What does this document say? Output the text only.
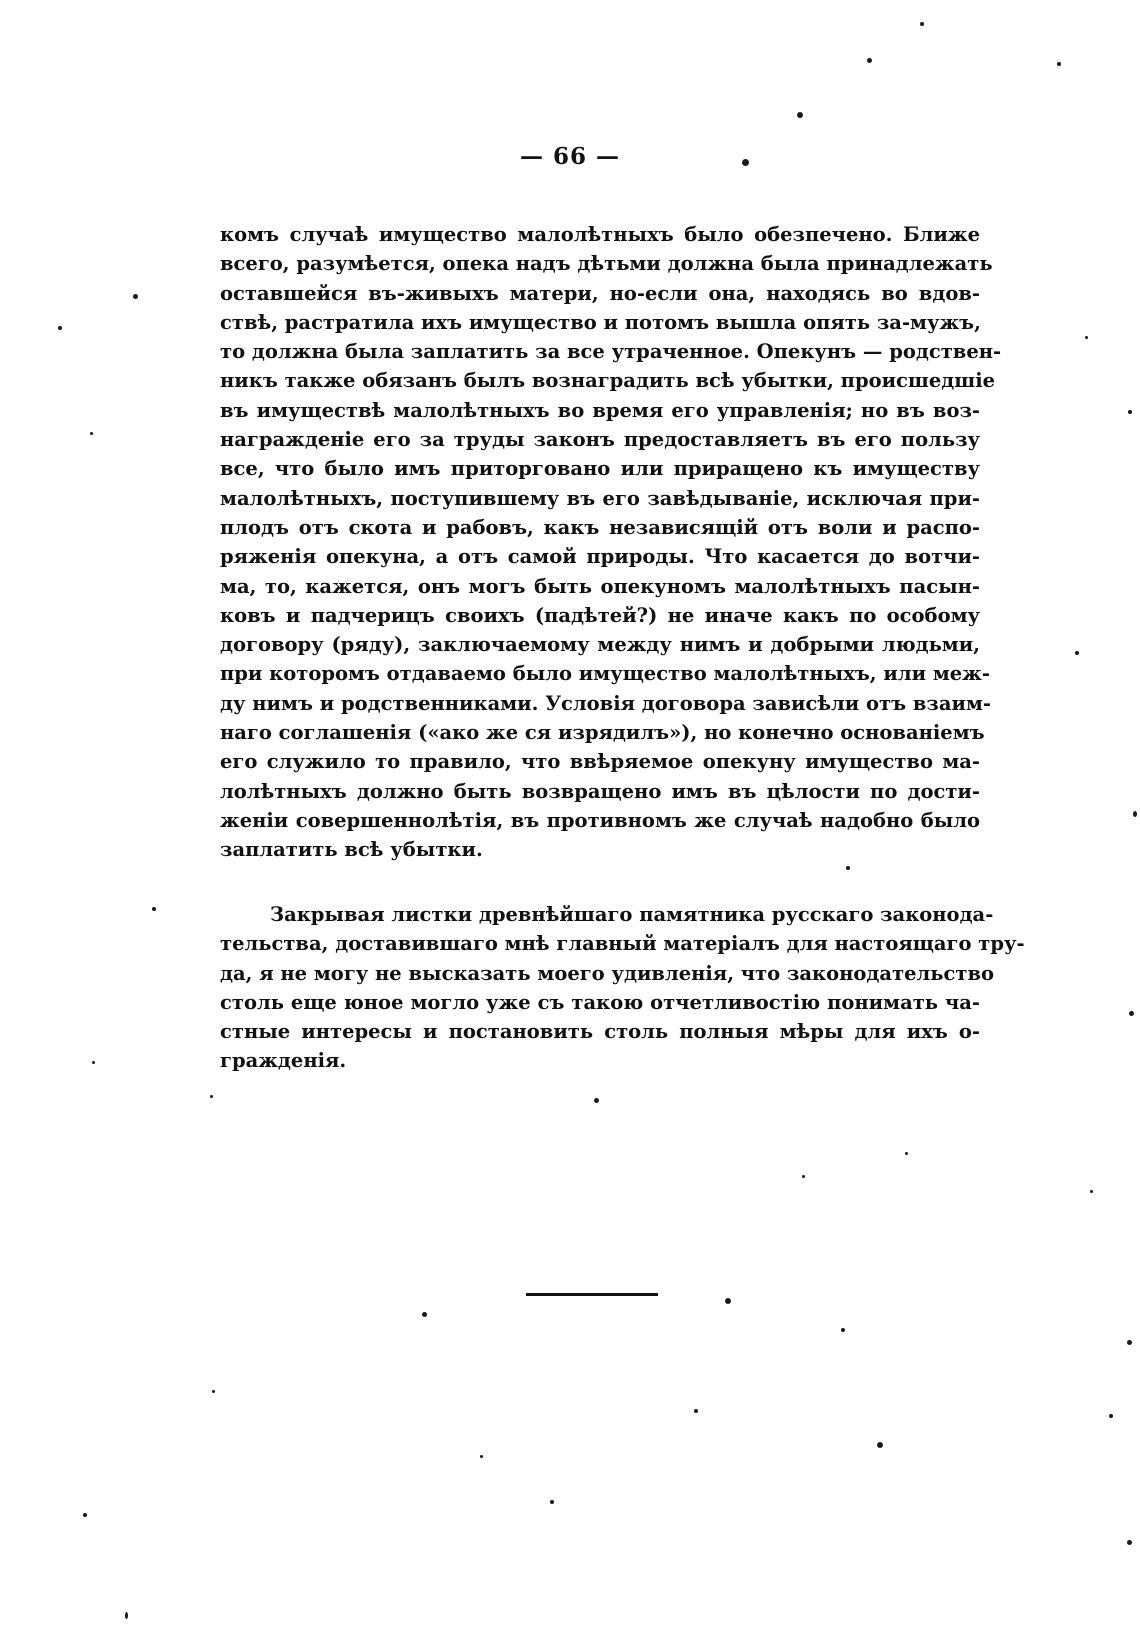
— 66 —
комъ случаѣ имущество малолѣтныхъ было обезпечено. Ближе
всего, разумѣется, опека надъ дѣтьми должна была принадлежать
оставшейся въ-живыхъ матери, но-если она, находясь во вдов-
ствѣ, растратила ихъ имущество и потомъ вышла опять за-мужъ,
то должна была заплатить за все утраченное. Опекунъ — родствен-
никъ также обязанъ былъ вознаградить всѣ убытки, происшедшіе
въ имуществѣ малолѣтныхъ во время его управленія; но въ воз-
награжденіе его за труды законъ предоставляетъ въ его пользу
все, что было имъ приторговано или приращено къ имуществу
малолѣтныхъ, поступившему въ его завѣдываніе, исключая при-
плодъ отъ скота и рабовъ, какъ независящій отъ воли и распо-
ряженія опекуна, а отъ самой природы. Что касается до вотчи-
ма, то, кажется, онъ могъ быть опекуномъ малолѣтныхъ пасын-
ковъ и падчерицъ своихъ (падѣтей?) не иначе какъ по особому
договору (ряду), заключаемому между нимъ и добрыми людьми,
при которомъ отдаваемо было имущество малолѣтныхъ, или меж-
ду нимъ и родственниками. Условія договора зависѣли отъ взаим-
наго соглашенія («ако же ся изрядилъ»), но конечно основаніемъ
его служило то правило, что ввѣряемое опекуну имущество ма-
лолѣтныхъ должно быть возвращено имъ въ цѣлости по дости-
женіи совершеннолѣтія, въ противномъ же случаѣ надобно было
заплатить всѣ убытки.
Закрывая листки древнѣйшаго памятника русскаго законода-
тельства, доставившаго мнѣ главный матеріалъ для настоящаго тру-
да, я не могу не высказать моего удивленія, что законодательство
столь еще юное могло уже съ такою отчетливостію понимать ча-
стные интересы и постановить столь полныя мѣры для ихъ о-
гражденія.
